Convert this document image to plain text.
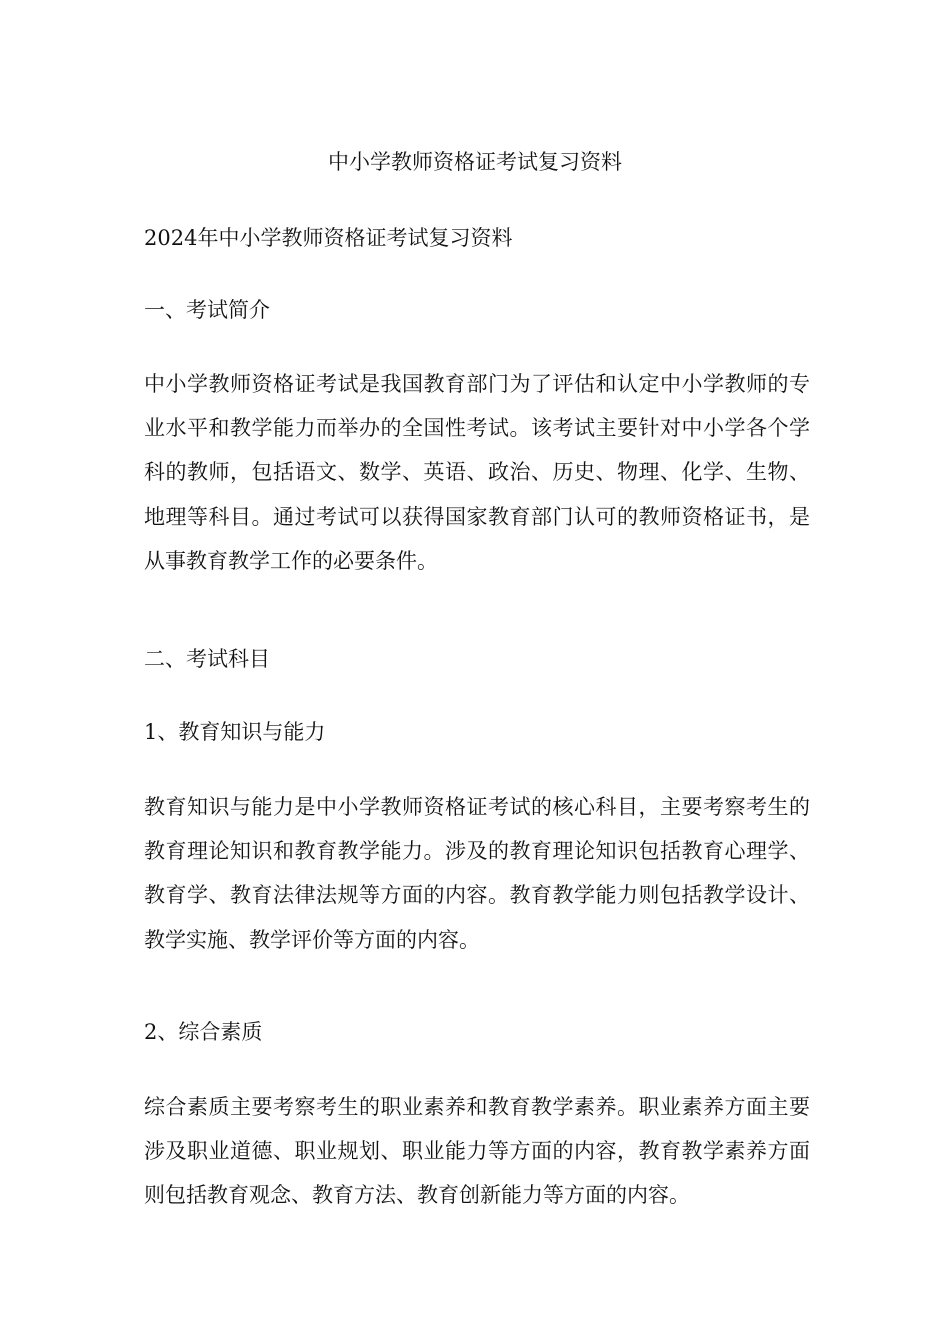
中小学教师资格证考试复习资料
2024年中小学教师资格证考试复习资料
一、考试简介
中小学教师资格证考试是我国教育部门为了评估和认定中小学教师的专业水平和教学能力而举办的全国性考试。该考试主要针对中小学各个学科的教师，包括语文、数学、英语、政治、历史、物理、化学、生物、地理等科目。通过考试可以获得国家教育部门认可的教师资格证书，是从事教育教学工作的必要条件。
二、考试科目
1、教育知识与能力
教育知识与能力是中小学教师资格证考试的核心科目，主要考察考生的教育理论知识和教育教学能力。涉及的教育理论知识包括教育心理学、教育学、教育法律法规等方面的内容。教育教学能力则包括教学设计、教学实施、教学评价等方面的内容。
2、综合素质
综合素质主要考察考生的职业素养和教育教学素养。职业素养方面主要涉及职业道德、职业规划、职业能力等方面的内容，教育教学素养方面则包括教育观念、教育方法、教育创新能力等方面的内容。
